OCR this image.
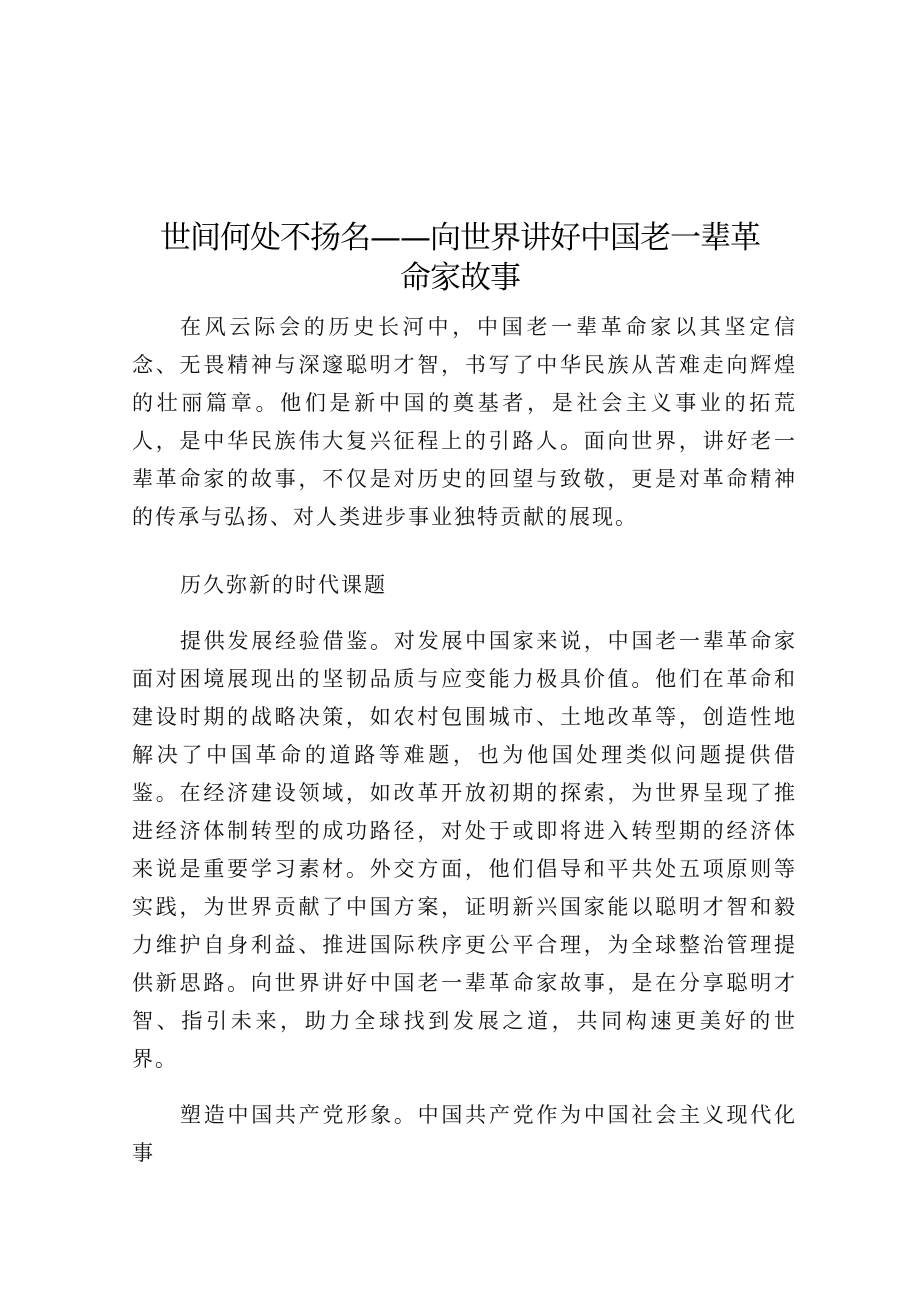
世间何处不扬名——向世界讲好中国老一辈革
命家故事
在风云际会的历史长河中，中国老一辈革命家以其坚定信念、无畏精神与深邃聪明才智，书写了中华民族从苦难走向辉煌的壮丽篇章。他们是新中国的奠基者，是社会主义事业的拓荒人，是中华民族伟大复兴征程上的引路人。面向世界，讲好老一辈革命家的故事，不仅是对历史的回望与致敬，更是对革命精神的传承与弘扬、对人类进步事业独特贡献的展现。
历久弥新的时代课题
提供发展经验借鉴。对发展中国家来说，中国老一辈革命家面对困境展现出的坚韧品质与应变能力极具价值。他们在革命和建设时期的战略决策，如农村包围城市、土地改革等，创造性地解决了中国革命的道路等难题，也为他国处理类似问题提供借鉴。在经济建设领域，如改革开放初期的探索，为世界呈现了推进经济体制转型的成功路径，对处于或即将进入转型期的经济体来说是重要学习素材。外交方面，他们倡导和平共处五项原则等实践，为世界贡献了中国方案，证明新兴国家能以聪明才智和毅力维护自身利益、推进国际秩序更公平合理，为全球整治管理提供新思路。向世界讲好中国老一辈革命家故事，是在分享聪明才智、指引未来，助力全球找到发展之道，共同构速更美好的世界。
塑造中国共产党形象。中国共产党作为中国社会主义现代化事
